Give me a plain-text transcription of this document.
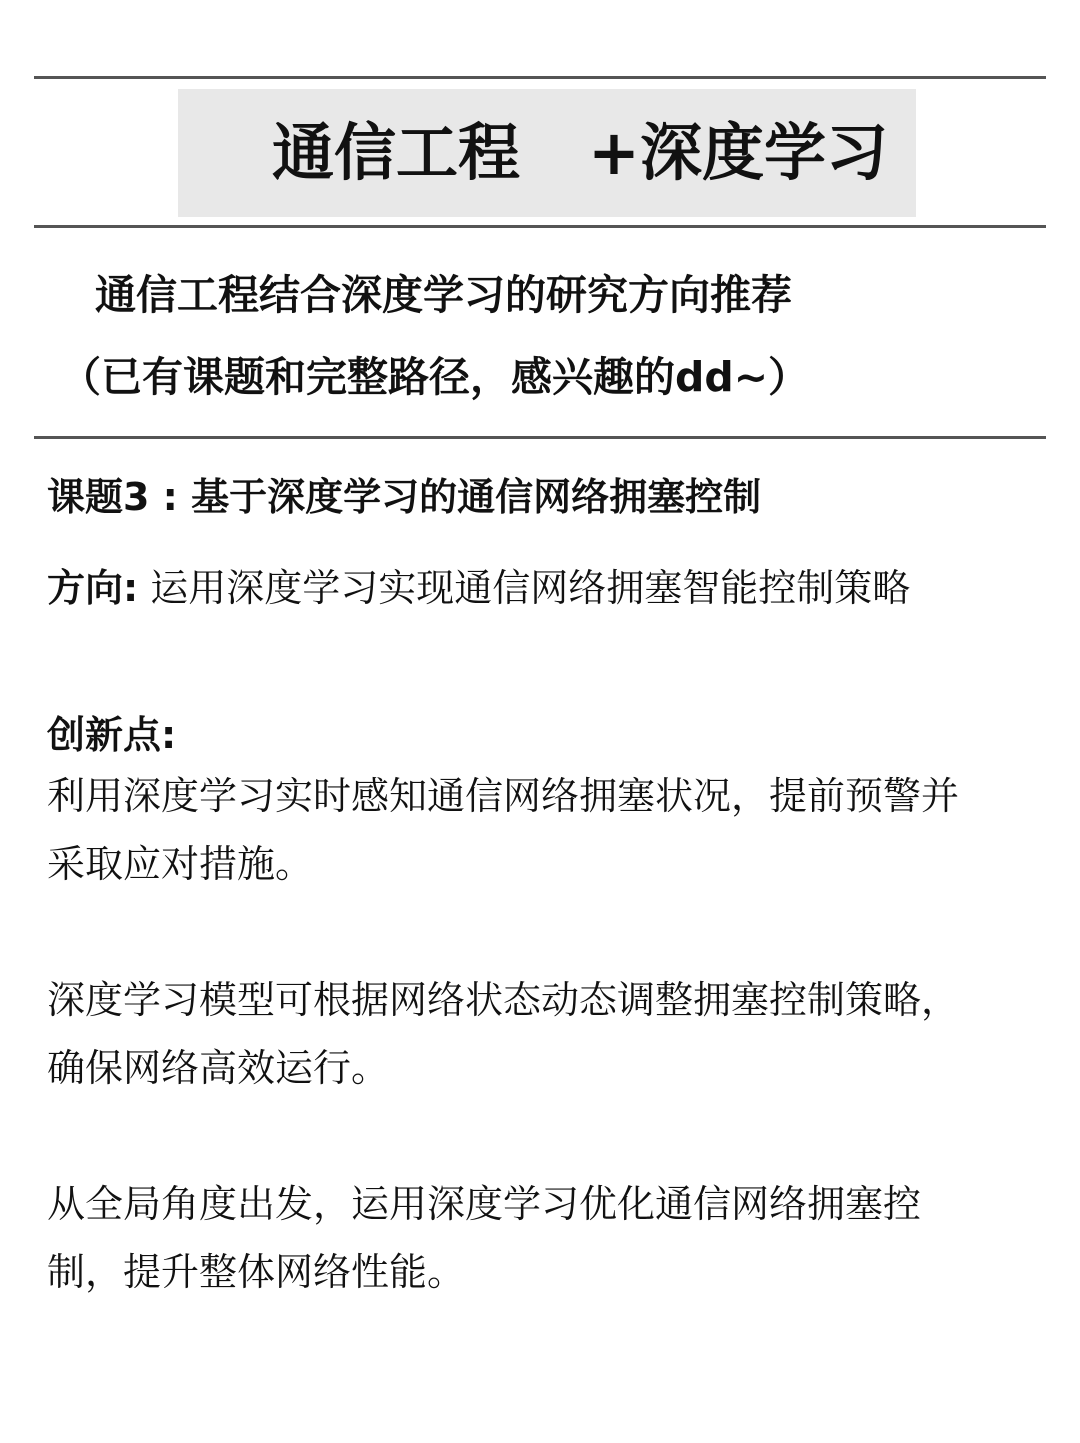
通信工程 +深度学习
通信工程结合深度学习的研究方向推荐
（已有课题和完整路径，感兴趣的dd~）
课题3 : 基于深度学习的通信网络拥塞控制
方向: 运用深度学习实现通信网络拥塞智能控制策略
创新点:
利用深度学习实时感知通信网络拥塞状况，提前预警并
采取应对措施。
深度学习模型可根据网络状态动态调整拥塞控制策略，
确保网络高效运行。
从全局角度出发，运用深度学习优化通信网络拥塞控
制，提升整体网络性能。
